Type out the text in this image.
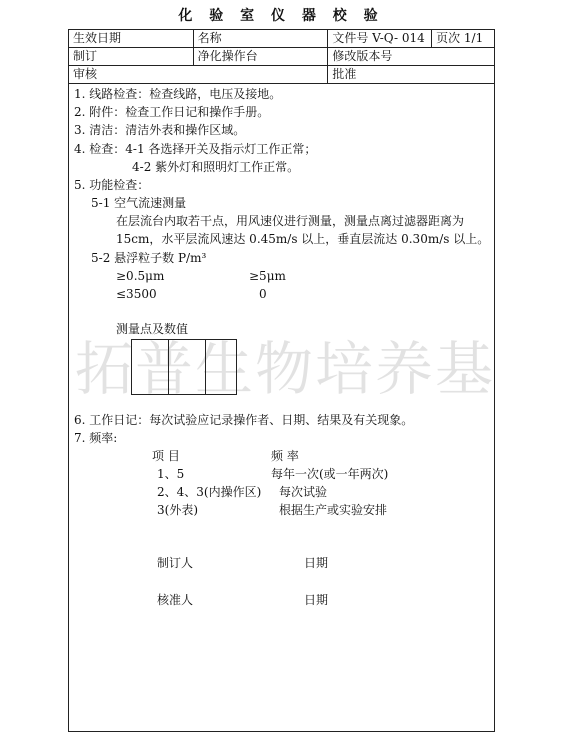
化 验 室 仪 器 校 验
生效日期	名称	文件号 V-Q- 014	页次 1/1
制订	净化操作台	修改版本号	
审核		批准	
拓普生物培养基
1. 线路检查：检查线路，电压及接地。
2. 附件：检查工作日记和操作手册。
3. 清洁：清洁外表和操作区域。
4. 检查：4-1 各选择开关及指示灯工作正常；
4-2 紫外灯和照明灯工作正常。
5. 功能检查：
5-1 空气流速测量
在层流台内取若干点，用风速仪进行测量，测量点离过滤器距离为
15cm，水平层流风速达 0.45m/s 以上，垂直层流达 0.30m/s 以上。
5-2 悬浮粒子数 P/m³
≥0.5μm	≥5μm
≤3500	0
测量点及数值
6. 工作日记：每次试验应记录操作者、日期、结果及有关现象。
7. 频率:
项 目	频 率
1、5	每年一次(或一年两次)
2、4、3(内操作区) 每次试验
3(外表)	根据生产或实验安排
制订人	日期
核准人	日期
